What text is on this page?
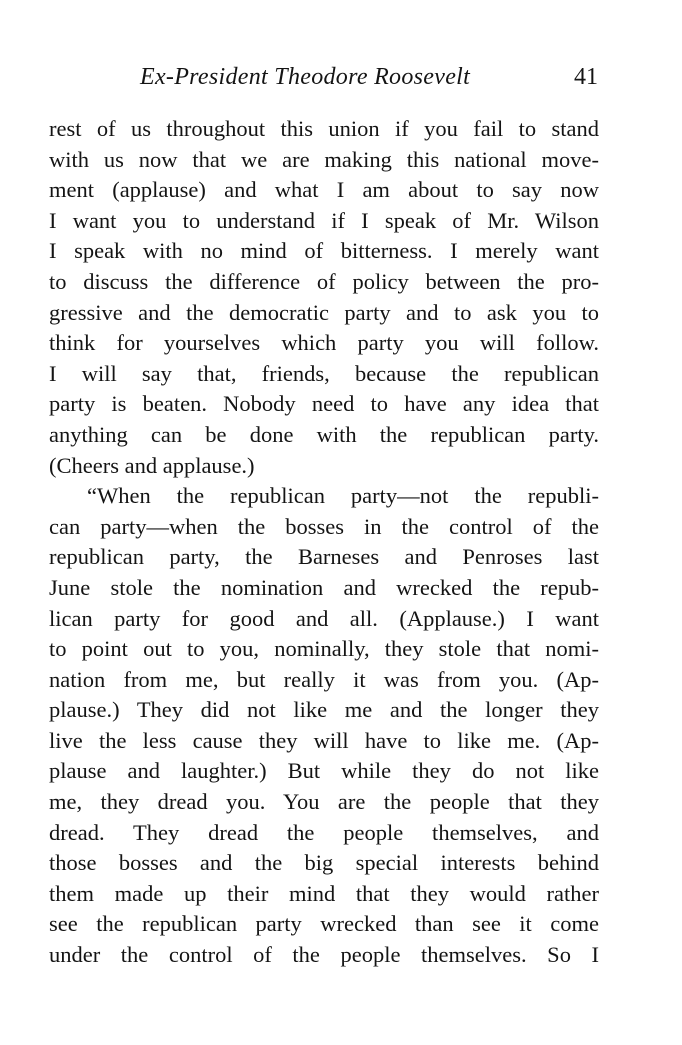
Ex-President Theodore Roosevelt	41
rest of us throughout this union if you fail to stand
with us now that we are making this national move-
ment (applause) and what I am about to say now
I want you to understand if I speak of Mr. Wilson
I speak with no mind of bitterness. I merely want
to discuss the difference of policy between the pro-
gressive and the democratic party and to ask you to
think for yourselves which party you will follow.
I will say that, friends, because the republican
party is beaten. Nobody need to have any idea that
anything can be done with the republican party.
(Cheers and applause.)
“When the republican party—not the republi-
can party—when the bosses in the control of the
republican party, the Barneses and Penroses last
June stole the nomination and wrecked the repub-
lican party for good and all. (Applause.) I want
to point out to you, nominally, they stole that nomi-
nation from me, but really it was from you. (Ap-
plause.) They did not like me and the longer they
live the less cause they will have to like me. (Ap-
plause and laughter.) But while they do not like
me, they dread you. You are the people that they
dread. They dread the people themselves, and
those bosses and the big special interests behind
them made up their mind that they would rather
see the republican party wrecked than see it come
under the control of the people themselves. So I
